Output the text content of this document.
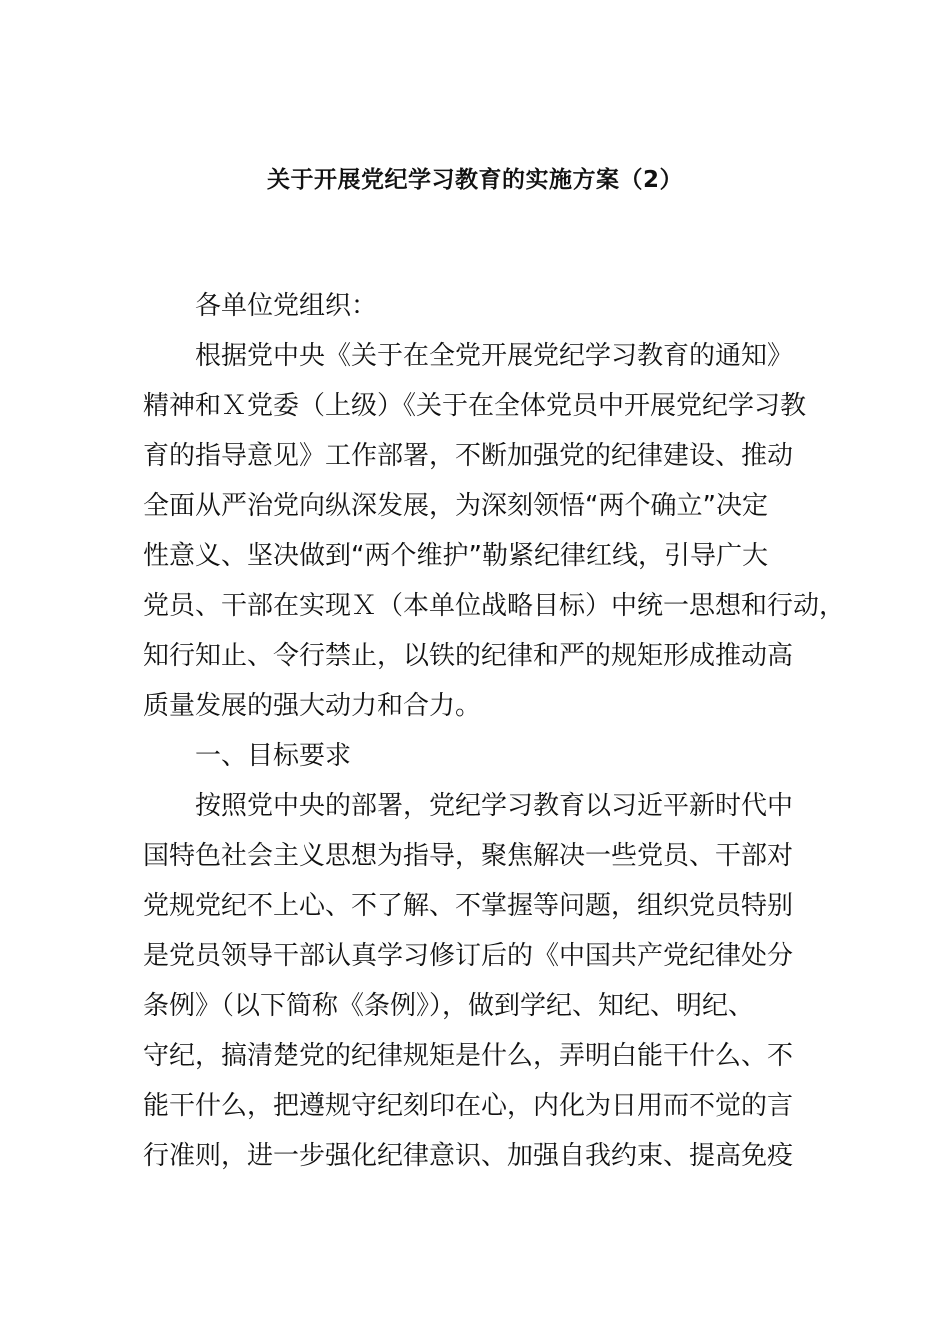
关于开展党纪学习教育的实施方案（2）
各单位党组织：
根据党中央《关于在全党开展党纪学习教育的通知》
精神和Ｘ党委（上级）《关于在全体党员中开展党纪学习教
育的指导意见》工作部署，不断加强党的纪律建设、推动
全面从严治党向纵深发展，为深刻领悟“两个确立”决定
性意义、坚决做到“两个维护”勒紧纪律红线，引导广大
党员、干部在实现Ｘ（本单位战略目标）中统一思想和行动，
知行知止、令行禁止，以铁的纪律和严的规矩形成推动高
质量发展的强大动力和合力。
一、目标要求
按照党中央的部署，党纪学习教育以习近平新时代中
国特色社会主义思想为指导，聚焦解决一些党员、干部对
党规党纪不上心、不了解、不掌握等问题，组织党员特别
是党员领导干部认真学习修订后的《中国共产党纪律处分
条例》（以下简称《条例》），做到学纪、知纪、明纪、
守纪，搞清楚党的纪律规矩是什么，弄明白能干什么、不
能干什么，把遵规守纪刻印在心，内化为日用而不觉的言
行准则，进一步强化纪律意识、加强自我约束、提高免疫
